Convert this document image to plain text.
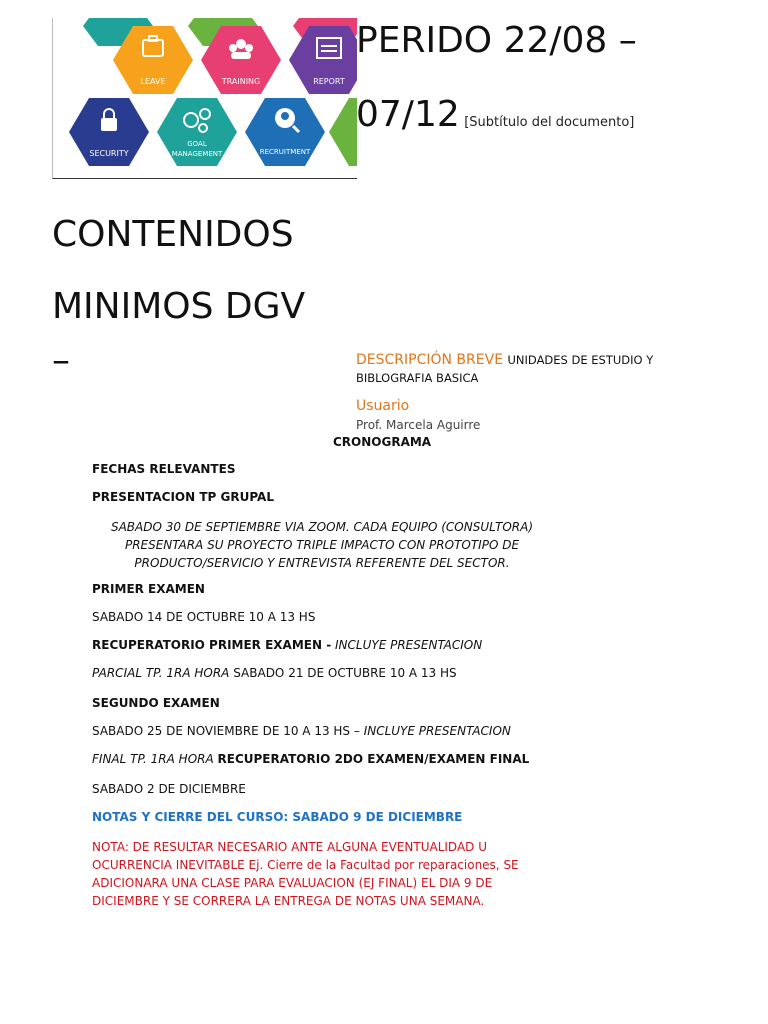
LEAVE	TRAINING	REPORT
SECURITY
GOAL
MANAGEMENT	RECRUITMENT
PERIDO 22/08 –
07/12 [Subtítulo del documento]
CONTENIDOS
MINIMOS DGV
–	DESCRIPCIÓN BREVE UNIDADES DE ESTUDIO Y
BIBLOGRAFIA BASICA
Usuario
Prof. Marcela Aguirre
CRONOGRAMA
FECHAS RELEVANTES
PRESENTACION TP GRUPAL
SABADO 30 DE SEPTIEMBRE VIA ZOOM. CADA EQUIPO (CONSULTORA)
PRESENTARA SU PROYECTO TRIPLE IMPACTO CON PROTOTIPO DE
PRODUCTO/SERVICIO Y ENTREVISTA REFERENTE DEL SECTOR.
PRIMER EXAMEN
SABADO 14 DE OCTUBRE 10 A 13 HS
RECUPERATORIO PRIMER EXAMEN - INCLUYE PRESENTACION
PARCIAL TP. 1RA HORA SABADO 21 DE OCTUBRE 10 A 13 HS
SEGUNDO EXAMEN
SABADO 25 DE NOVIEMBRE DE 10 A 13 HS – INCLUYE PRESENTACION
FINAL TP. 1RA HORA RECUPERATORIO 2DO EXAMEN/EXAMEN FINAL
SABADO 2 DE DICIEMBRE
NOTAS Y CIERRE DEL CURSO: SABADO 9 DE DICIEMBRE
NOTA: DE RESULTAR NECESARIO ANTE ALGUNA EVENTUALIDAD U
OCURRENCIA INEVITABLE Ej. Cierre de la Facultad por reparaciones, SE
ADICIONARA UNA CLASE PARA EVALUACION (EJ FINAL) EL DIA 9 DE
DICIEMBRE Y SE CORRERA LA ENTREGA DE NOTAS UNA SEMANA.
